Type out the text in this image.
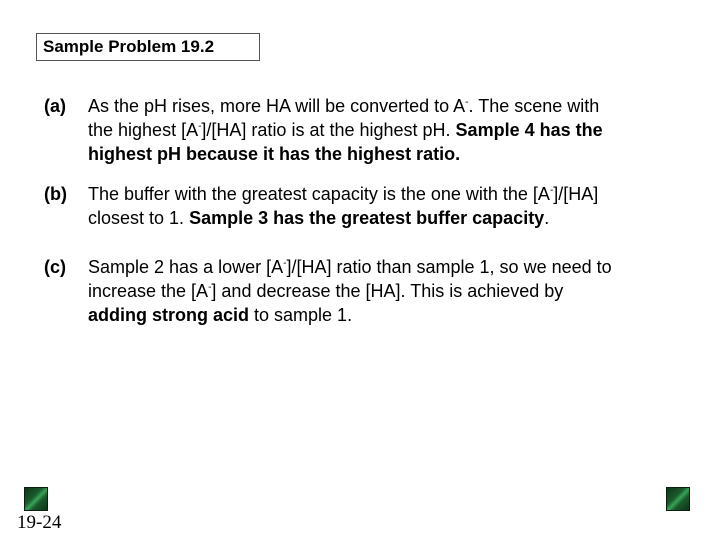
Sample Problem 19.2
(a) As the pH rises, more HA will be converted to A-. The scene with
the highest [A-]/[HA] ratio is at the highest pH. Sample 4 has the
highest pH because it has the highest ratio.
(b) The buffer with the greatest capacity is the one with the [A-]/[HA]
closest to 1. Sample 3 has the greatest buffer capacity.
(c) Sample 2 has a lower [A-]/[HA] ratio than sample 1, so we need to
increase the [A-] and decrease the [HA]. This is achieved by
adding strong acid to sample 1.
19-24
